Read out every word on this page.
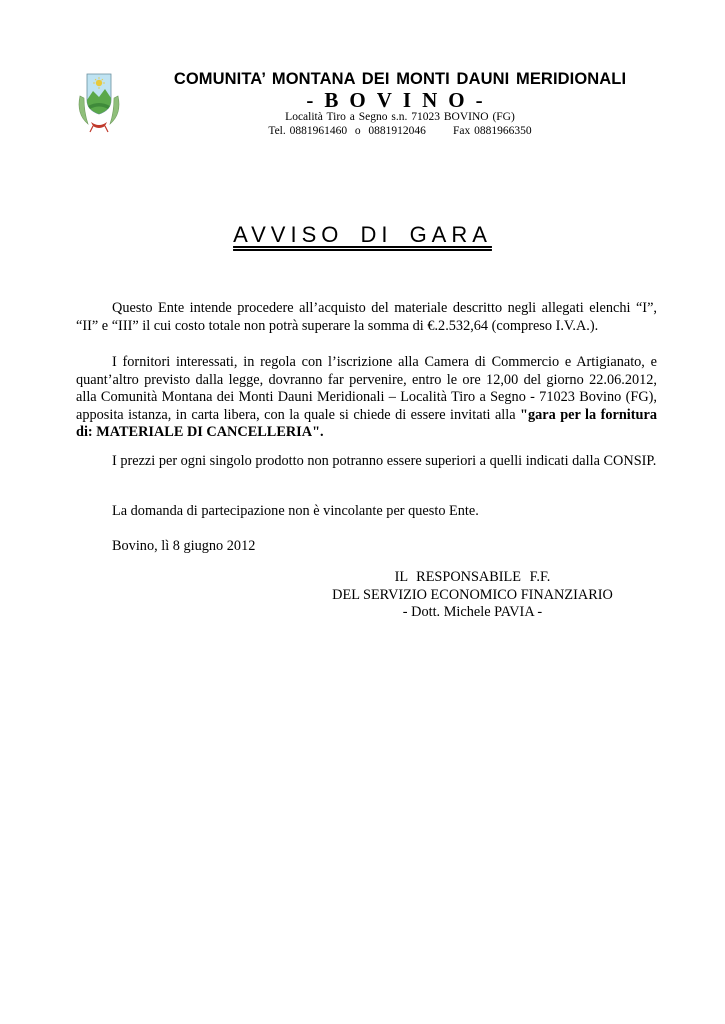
COMUNITA’ MONTANA DEI MONTI DAUNI MERIDIONALI
-BOVINO-
Località Tiro a Segno s.n. 71023 BOVINO (FG)
Tel. 0881961460  o  0881912046       Fax 0881966350
AVVISO DI GARA
Questo Ente intende procedere all’acquisto del materiale descritto negli allegati elenchi “I”, “II” e “III” il cui costo totale non potrà superare la somma di €.2.532,64 (compreso I.V.A.).
I fornitori interessati, in regola con l’iscrizione alla Camera di Commercio e Artigianato, e quant’altro previsto dalla legge, dovranno far pervenire, entro le ore 12,00 del giorno 22.06.2012, alla Comunità Montana dei Monti Dauni Meridionali – Località Tiro a Segno - 71023 Bovino (FG), apposita istanza, in carta libera, con la quale si chiede di essere invitati alla "gara per la fornitura di: MATERIALE DI CANCELLERIA".
I prezzi per ogni singolo prodotto non potranno essere superiori a quelli indicati dalla CONSIP.
La domanda di partecipazione non è vincolante per questo Ente.
Bovino, lì 8 giugno 2012
IL RESPONSABILE F.F.
DEL SERVIZIO ECONOMICO FINANZIARIO
- Dott. Michele PAVIA -
